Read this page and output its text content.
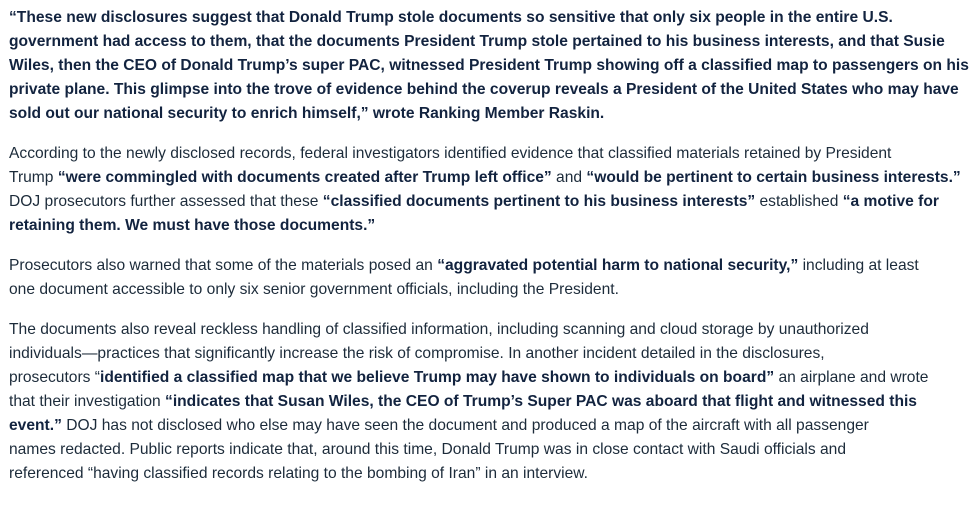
“These new disclosures suggest that Donald Trump stole documents so sensitive that only six people in the entire U.S.
government had access to them, that the documents President Trump stole pertained to his business interests, and that Susie
Wiles, then the CEO of Donald Trump’s super PAC, witnessed President Trump showing off a classified map to passengers on his
private plane. This glimpse into the trove of evidence behind the coverup reveals a President of the United States who may have
sold out our national security to enrich himself,” wrote Ranking Member Raskin.

According to the newly disclosed records, federal investigators identified evidence that classified materials retained by President
Trump “were commingled with documents created after Trump left office” and “would be pertinent to certain business interests.”
DOJ prosecutors further assessed that these “classified documents pertinent to his business interests” established “a motive for
retaining them. We must have those documents.”

Prosecutors also warned that some of the materials posed an “aggravated potential harm to national security,” including at least
one document accessible to only six senior government officials, including the President.

The documents also reveal reckless handling of classified information, including scanning and cloud storage by unauthorized
individuals—practices that significantly increase the risk of compromise. In another incident detailed in the disclosures,
prosecutors “identified a classified map that we believe Trump may have shown to individuals on board” an airplane and wrote
that their investigation “indicates that Susan Wiles, the CEO of Trump’s Super PAC was aboard that flight and witnessed this
event.” DOJ has not disclosed who else may have seen the document and produced a map of the aircraft with all passenger
names redacted. Public reports indicate that, around this time, Donald Trump was in close contact with Saudi officials and
referenced “having classified records relating to the bombing of Iran” in an interview.
